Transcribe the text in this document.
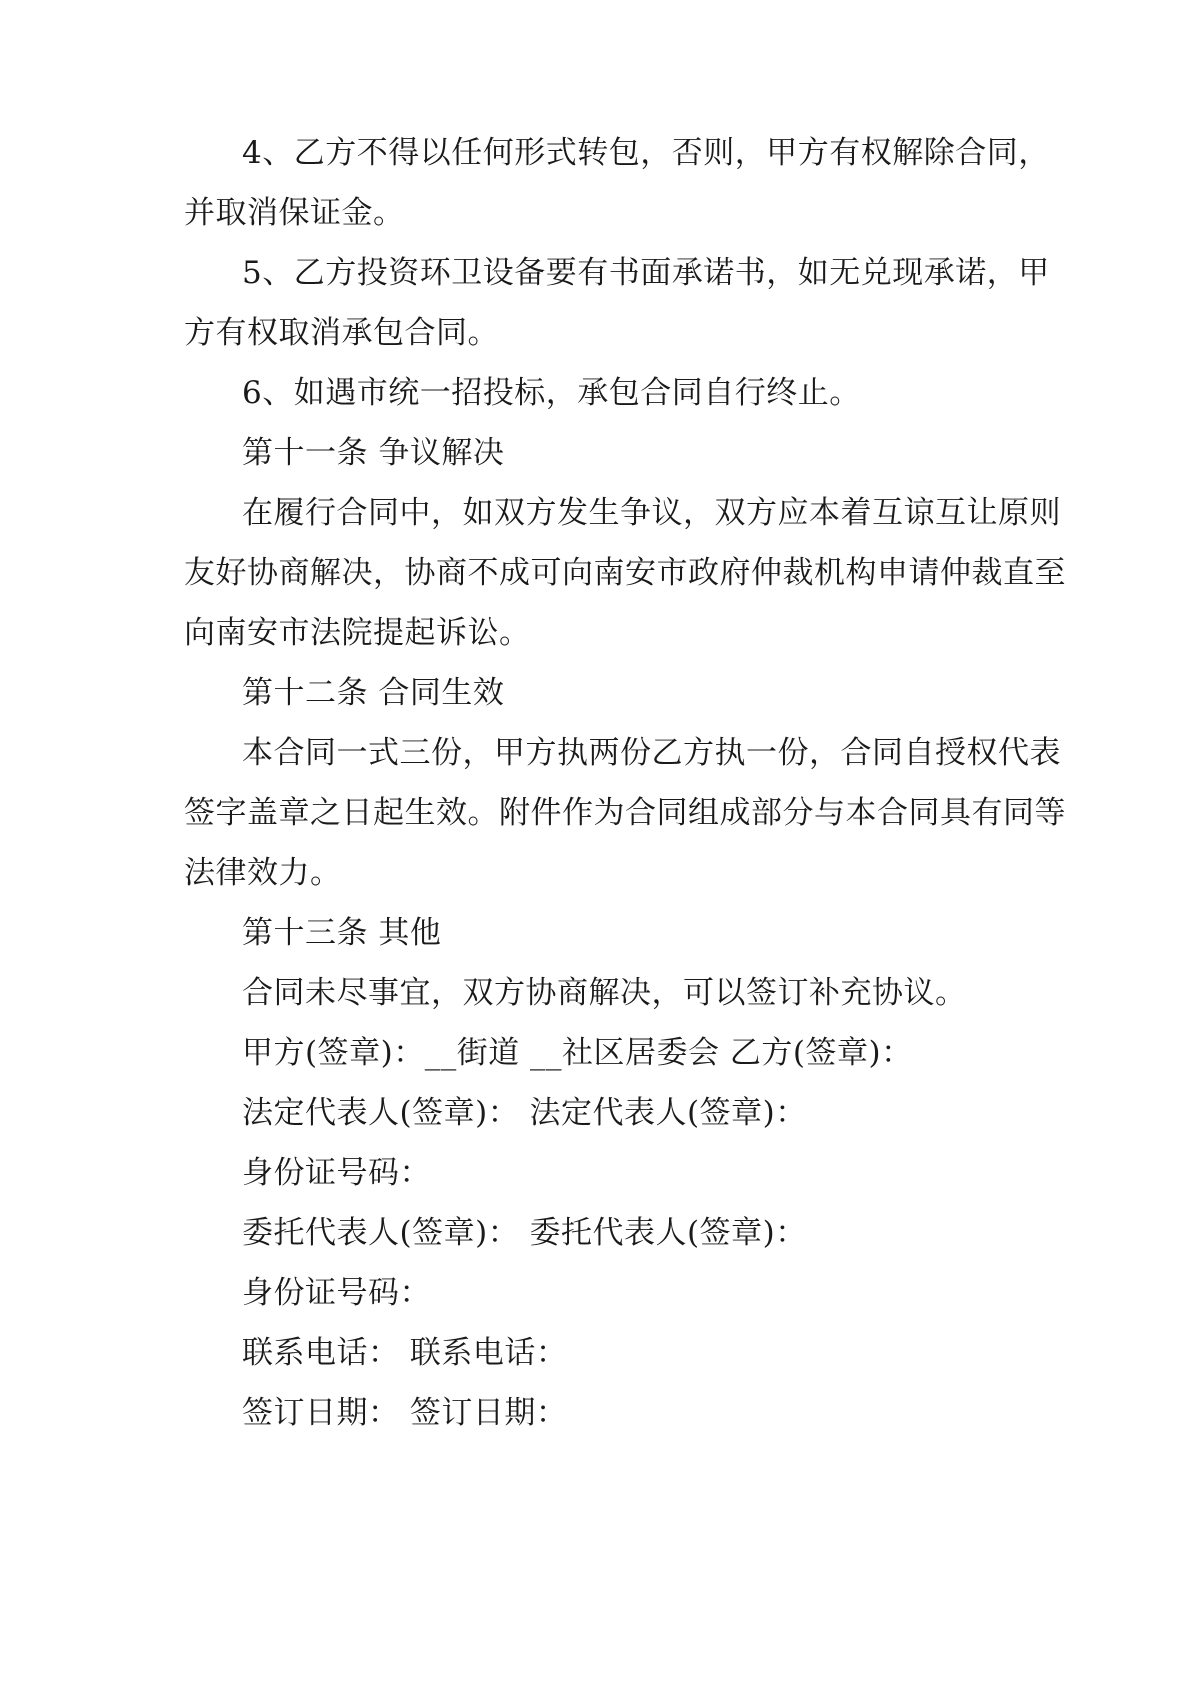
4、乙方不得以任何形式转包，否则，甲方有权解除合同，
并取消保证金。
5、乙方投资环卫设备要有书面承诺书，如无兑现承诺，甲
方有权取消承包合同。
6、如遇市统一招投标，承包合同自行终止。
第十一条 争议解决
在履行合同中，如双方发生争议，双方应本着互谅互让原则
友好协商解决，协商不成可向南安市政府仲裁机构申请仲裁直至
向南安市法院提起诉讼。
第十二条 合同生效
本合同一式三份，甲方执两份乙方执一份，合同自授权代表
签字盖章之日起生效。附件作为合同组成部分与本合同具有同等
法律效力。
第十三条 其他
合同未尽事宜，双方协商解决，可以签订补充协议。
甲方(签章)：__街道 __社区居委会 乙方(签章)：
法定代表人(签章)： 法定代表人(签章)：
身份证号码：
委托代表人(签章)： 委托代表人(签章)：
身份证号码：
联系电话： 联系电话：
签订日期： 签订日期：
